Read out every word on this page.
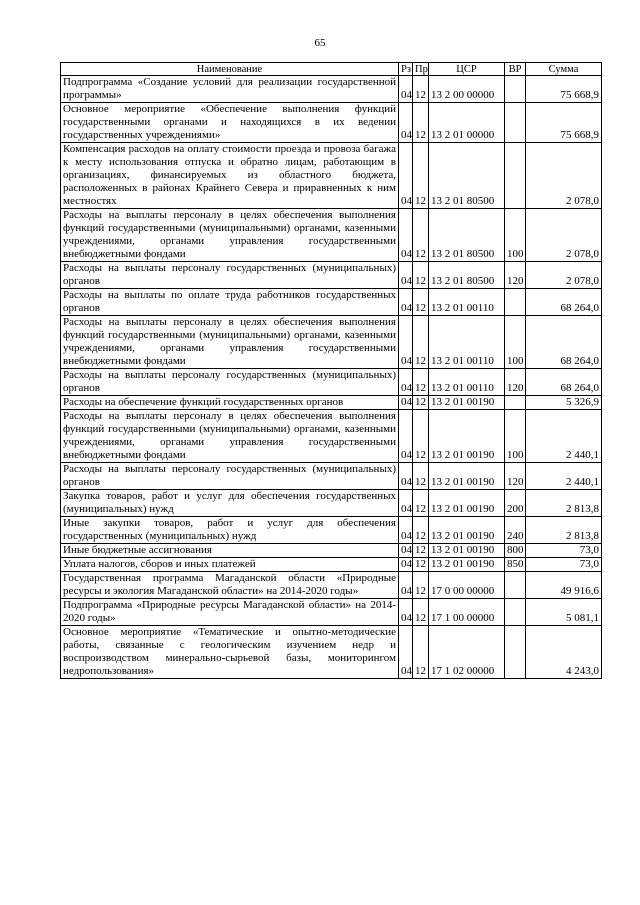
65
Наименование	Рз	Пр	ЦСР	ВР	Сумма
Подпрограмма «Создание условий для реализации государственной программы»	04	12	13 2 00 00000		75 668,9
Основное мероприятие «Обеспечение выполнения функций государственными органами и находящихся в их ведении государственных учреждениями»	04	12	13 2 01 00000		75 668,9
Компенсация расходов на оплату стоимости проезда и провоза багажа к месту использования отпуска и обратно лицам, работающим в организациях, финансируемых из областного бюджета, расположенных в районах Крайнего Севера и приравненных к ним местностях	04	12	13 2 01 80500		2 078,0
Расходы на выплаты персоналу в целях обеспечения выполнения функций государственными (муниципальными) органами, казенными учреждениями, органами управления государственными внебюджетными фондами	04	12	13 2 01 80500	100	2 078,0
Расходы на выплаты персоналу государственных (муниципальных) органов	04	12	13 2 01 80500	120	2 078,0
Расходы на выплаты по оплате труда работников государственных органов	04	12	13 2 01 00110		68 264,0
Расходы на выплаты персоналу в целях обеспечения выполнения функций государственными (муниципальными) органами, казенными учреждениями, органами управления государственными внебюджетными фондами	04	12	13 2 01 00110	100	68 264,0
Расходы на выплаты персоналу государственных (муниципальных) органов	04	12	13 2 01 00110	120	68 264,0
Расходы на обеспечение функций государственных органов	04	12	13 2 01 00190		5 326,9
Расходы на выплаты персоналу в целях обеспечения выполнения функций государственными (муниципальными) органами, казенными учреждениями, органами управления государственными внебюджетными фондами	04	12	13 2 01 00190	100	2 440,1
Расходы на выплаты персоналу государственных (муниципальных) органов	04	12	13 2 01 00190	120	2 440,1
Закупка товаров, работ и услуг для обеспечения государственных (муниципальных) нужд	04	12	13 2 01 00190	200	2 813,8
Иные закупки товаров, работ и услуг для обеспечения государственных (муниципальных) нужд	04	12	13 2 01 00190	240	2 813,8
Иные бюджетные ассигнования	04	12	13 2 01 00190	800	73,0
Уплата налогов, сборов и иных платежей	04	12	13 2 01 00190	850	73,0
Государственная программа Магаданской области «Природные ресурсы и экология Магаданской области» на 2014-2020 годы»	04	12	17 0 00 00000		49 916,6
Подпрограмма «Природные ресурсы Магаданской области» на 2014-2020 годы»	04	12	17 1 00 00000		5 081,1
Основное мероприятие «Тематические и опытно-методические работы, связанные с геологическим изучением недр и воспроизводством минерально-сырьевой базы, мониторингом недропользования»	04	12	17 1 02 00000		4 243,0
